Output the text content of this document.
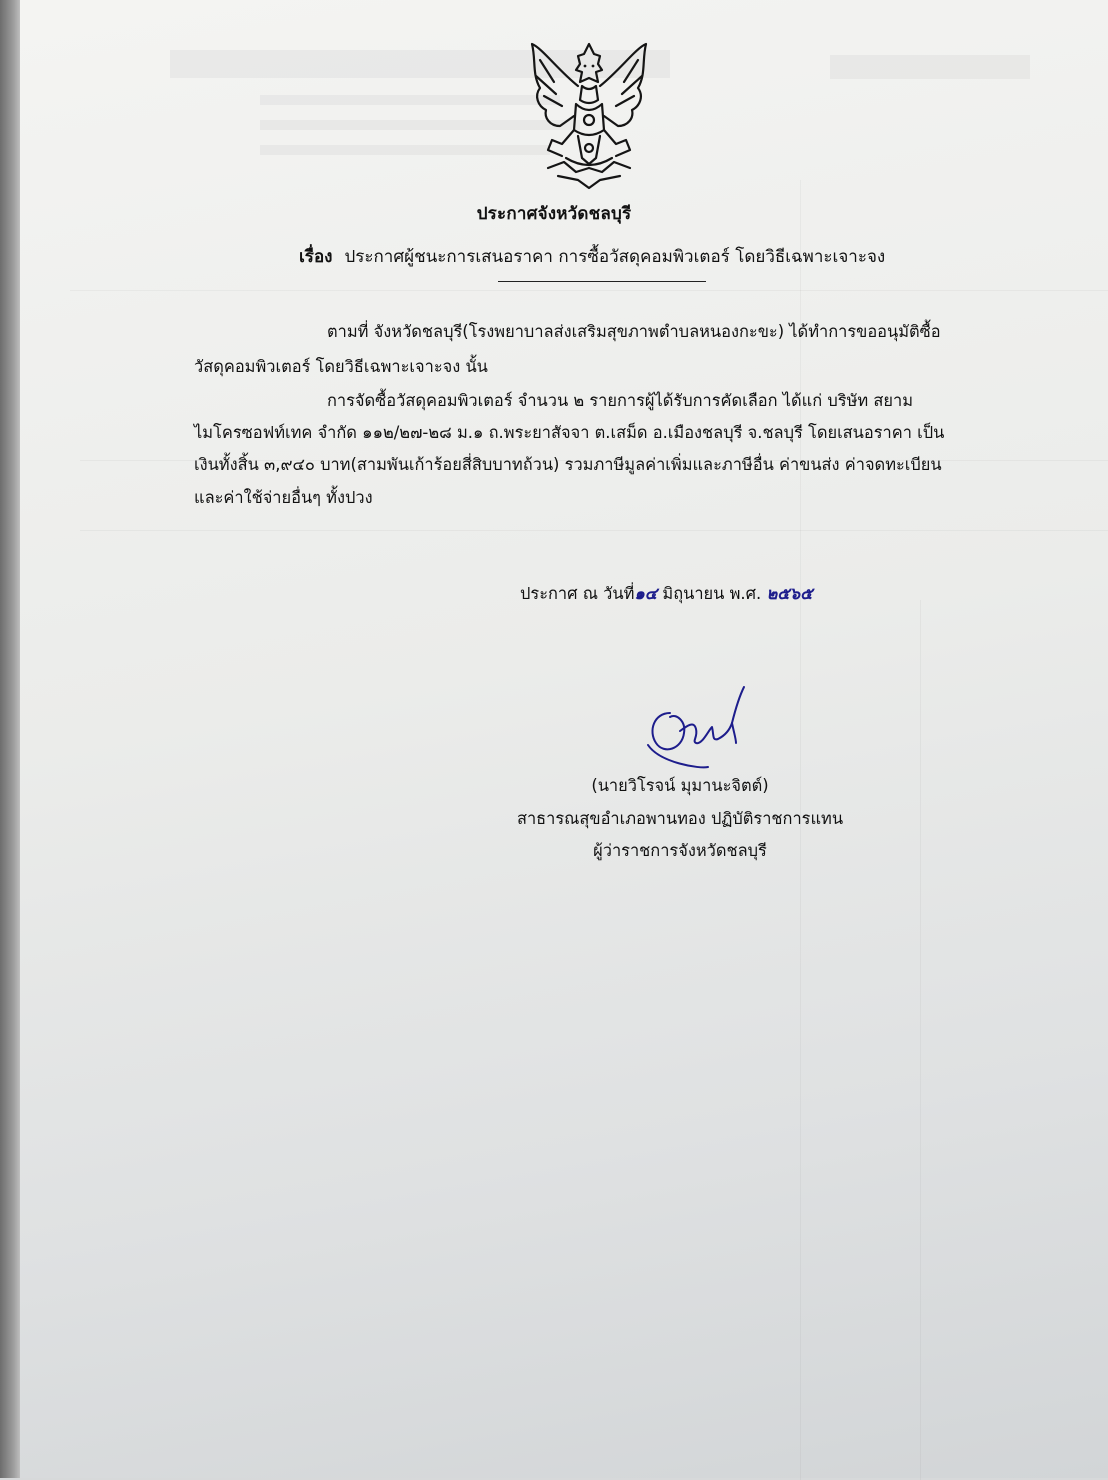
ประกาศจังหวัดชลบุรี
เรื่อง ประกาศผู้ชนะการเสนอราคา การซื้อวัสดุคอมพิวเตอร์ โดยวิธีเฉพาะเจาะจง
ตามที่ จังหวัดชลบุรี(โรงพยาบาลส่งเสริมสุขภาพตำบลหนองกะขะ) ได้ทำการขออนุมัติซื้อ
วัสดุคอมพิวเตอร์ โดยวิธีเฉพาะเจาะจง นั้น
การจัดซื้อวัสดุคอมพิวเตอร์ จำนวน ๒ รายการผู้ได้รับการคัดเลือก ได้แก่ บริษัท สยาม
ไมโครซอฟท์เทค จำกัด ๑๑๒/๒๗-๒๘ ม.๑ ถ.พระยาสัจจา ต.เสม็ด อ.เมืองชลบุรี จ.ชลบุรี โดยเสนอราคา เป็น
เงินทั้งสิ้น ๓,๙๔๐ บาท(สามพันเก้าร้อยสี่สิบบาทถ้วน) รวมภาษีมูลค่าเพิ่มและภาษีอื่น ค่าขนส่ง ค่าจดทะเบียน
และค่าใช้จ่ายอื่นๆ ทั้งปวง
ประกาศ ณ วันที่๑๔ มิถุนายน พ.ศ. ๒๕๖๕
(นายวิโรจน์ มุมานะจิตต์)
สาธารณสุขอำเภอพานทอง ปฏิบัติราชการแทน
ผู้ว่าราชการจังหวัดชลบุรี
